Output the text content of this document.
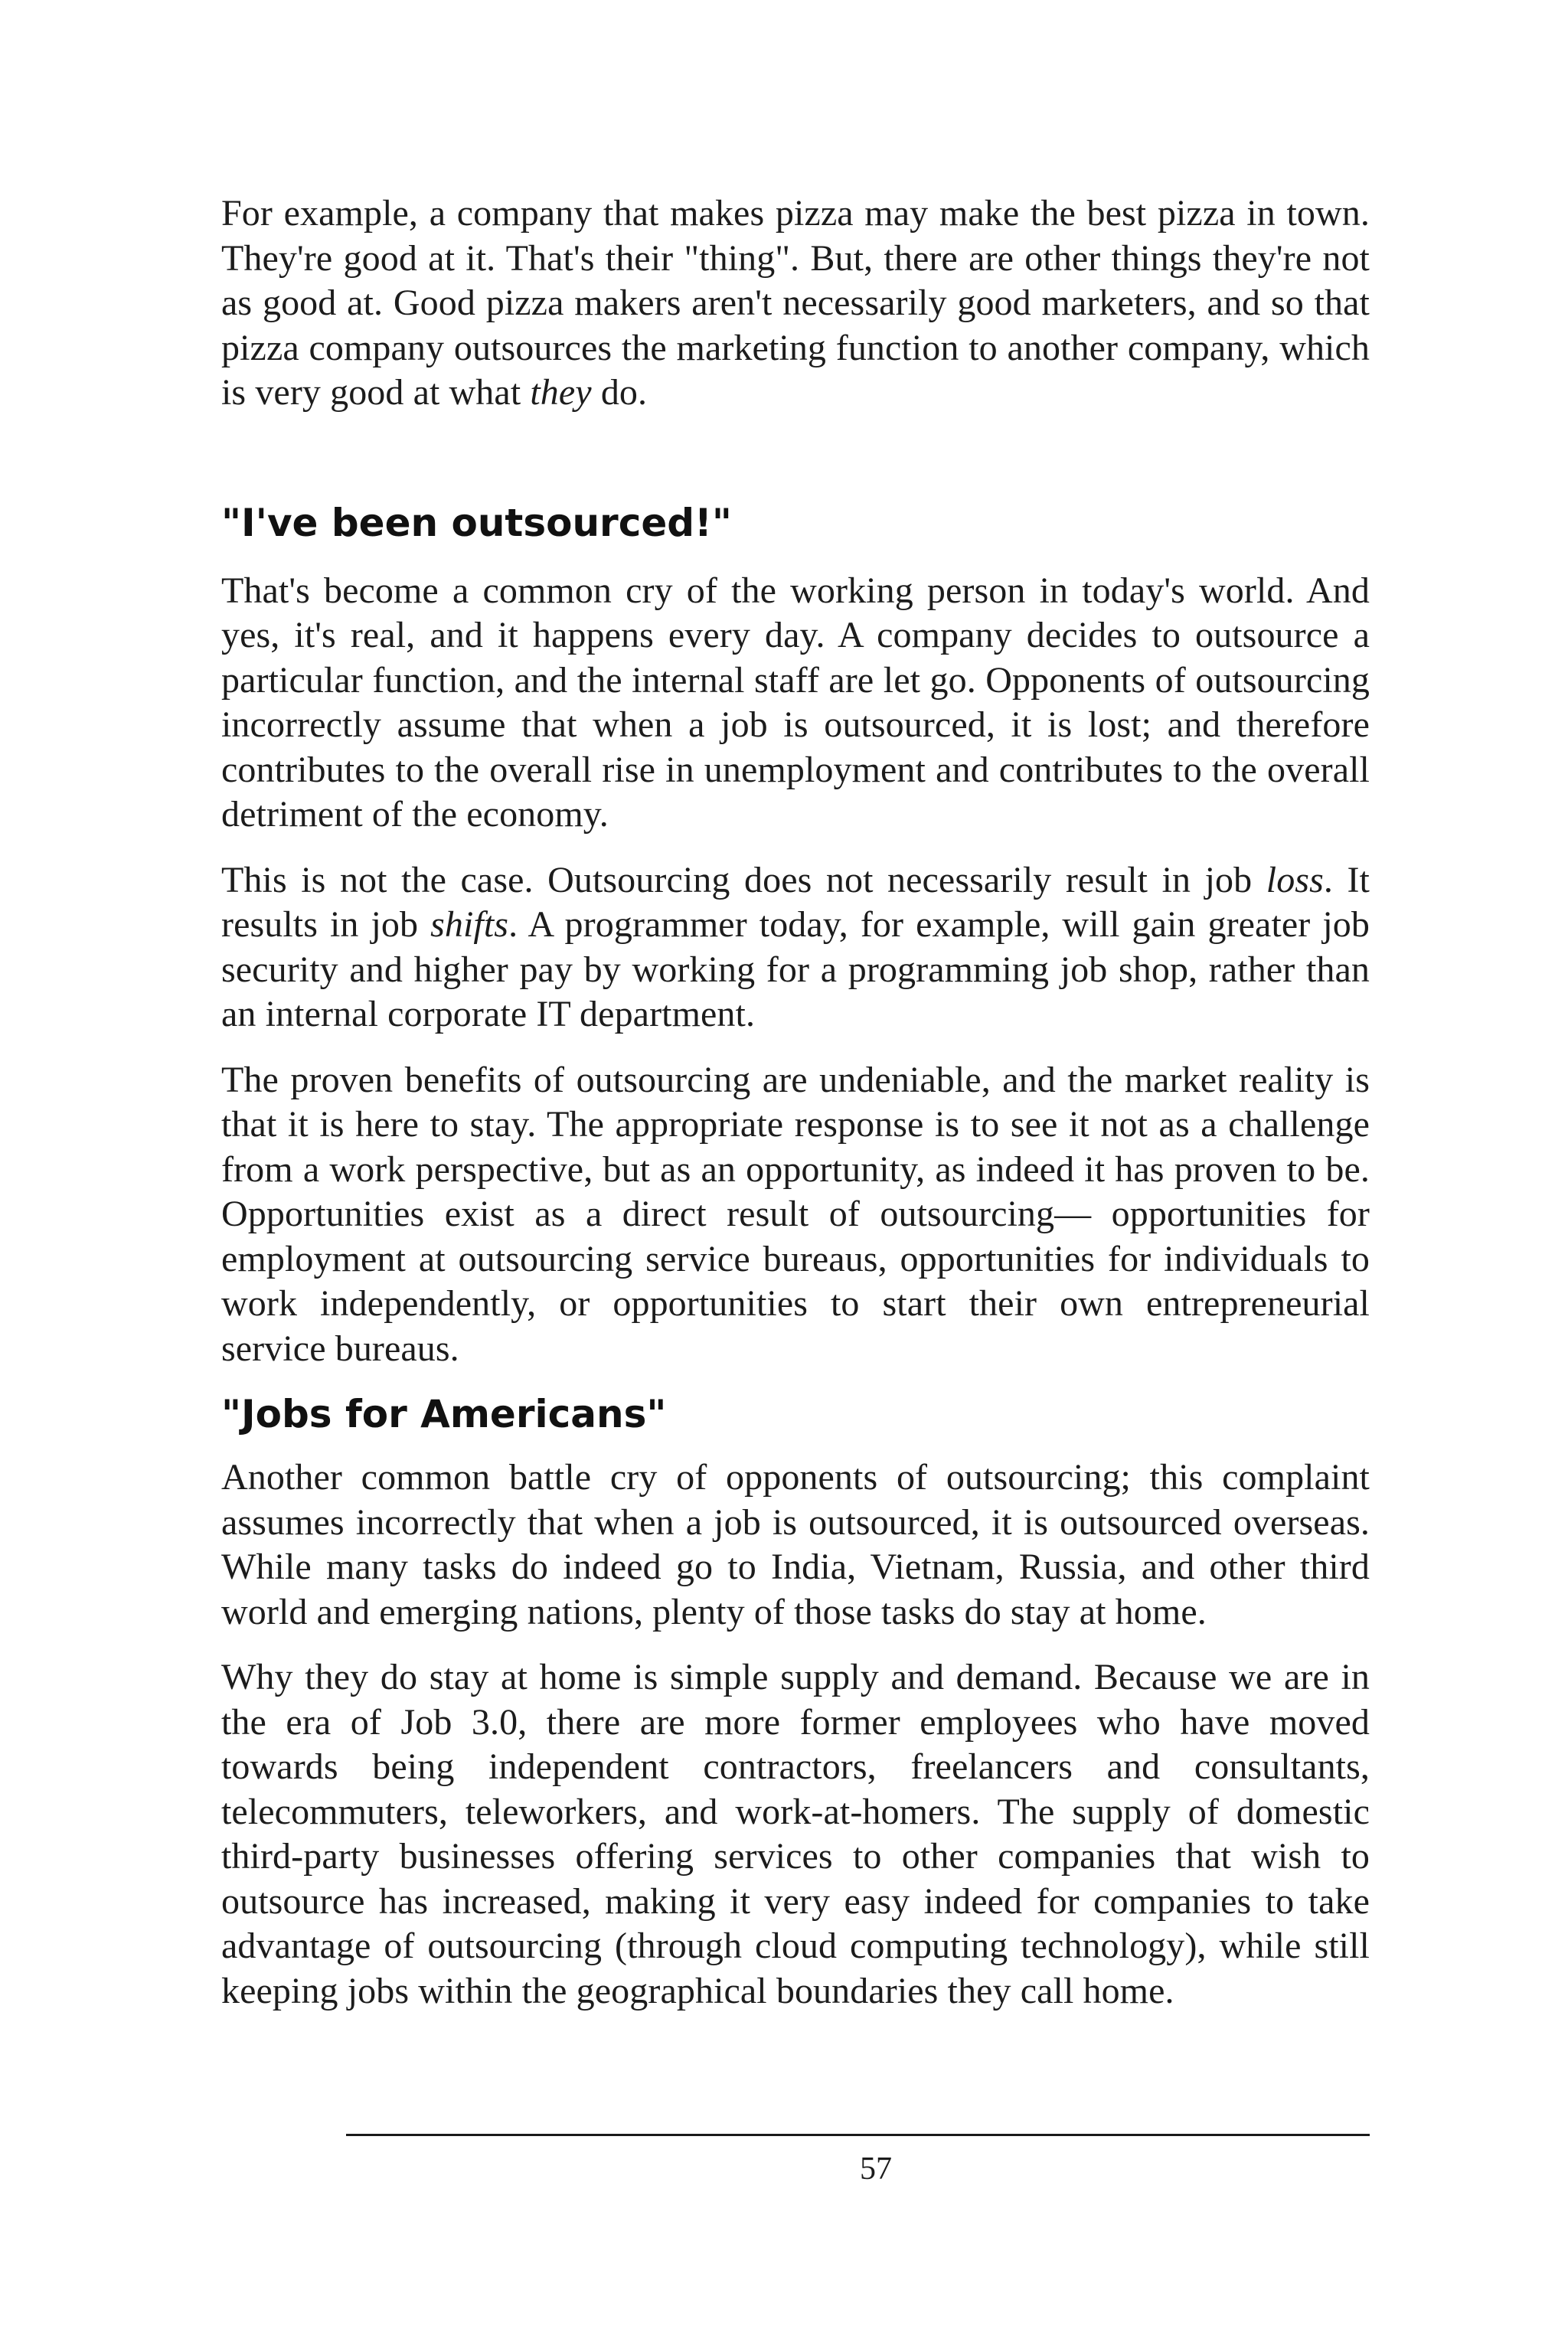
For example, a company that makes pizza may make the best pizza in town. They're good at it. That's their "thing". But, there are other things they're not as good at. Good pizza makers aren't necessarily good marketers, and so that pizza company outsources the marketing function to another company, which is very good at what they do.

"I've been outsourced!"

That's become a common cry of the working person in today's world. And yes, it's real, and it happens every day. A company decides to outsource a particular function, and the internal staff are let go. Opponents of outsourcing incorrectly assume that when a job is outsourced, it is lost; and therefore contributes to the overall rise in unemployment and contributes to the overall detriment of the economy.

This is not the case. Outsourcing does not necessarily result in job loss. It results in job shifts. A programmer today, for example, will gain greater job security and higher pay by working for a programming job shop, rather than an internal corporate IT department.

The proven benefits of outsourcing are undeniable, and the market reality is that it is here to stay. The appropriate response is to see it not as a challenge from a work perspective, but as an opportunity, as indeed it has proven to be. Opportunities exist as a direct result of outsourcing— opportunities for employment at outsourcing service bureaus, opportunities for individuals to work independently, or opportunities to start their own entrepreneurial service bureaus.

"Jobs for Americans"

Another common battle cry of opponents of outsourcing; this complaint assumes incorrectly that when a job is outsourced, it is outsourced overseas. While many tasks do indeed go to India, Vietnam, Russia, and other third world and emerging nations, plenty of those tasks do stay at home.

Why they do stay at home is simple supply and demand. Because we are in the era of Job 3.0, there are more former employees who have moved towards being independent contractors, freelancers and consultants, telecommuters, teleworkers, and work-at-homers. The supply of domestic third-party businesses offering services to other companies that wish to outsource has increased, making it very easy indeed for companies to take advantage of outsourcing (through cloud computing technology), while still keeping jobs within the geographical boundaries they call home.

57
